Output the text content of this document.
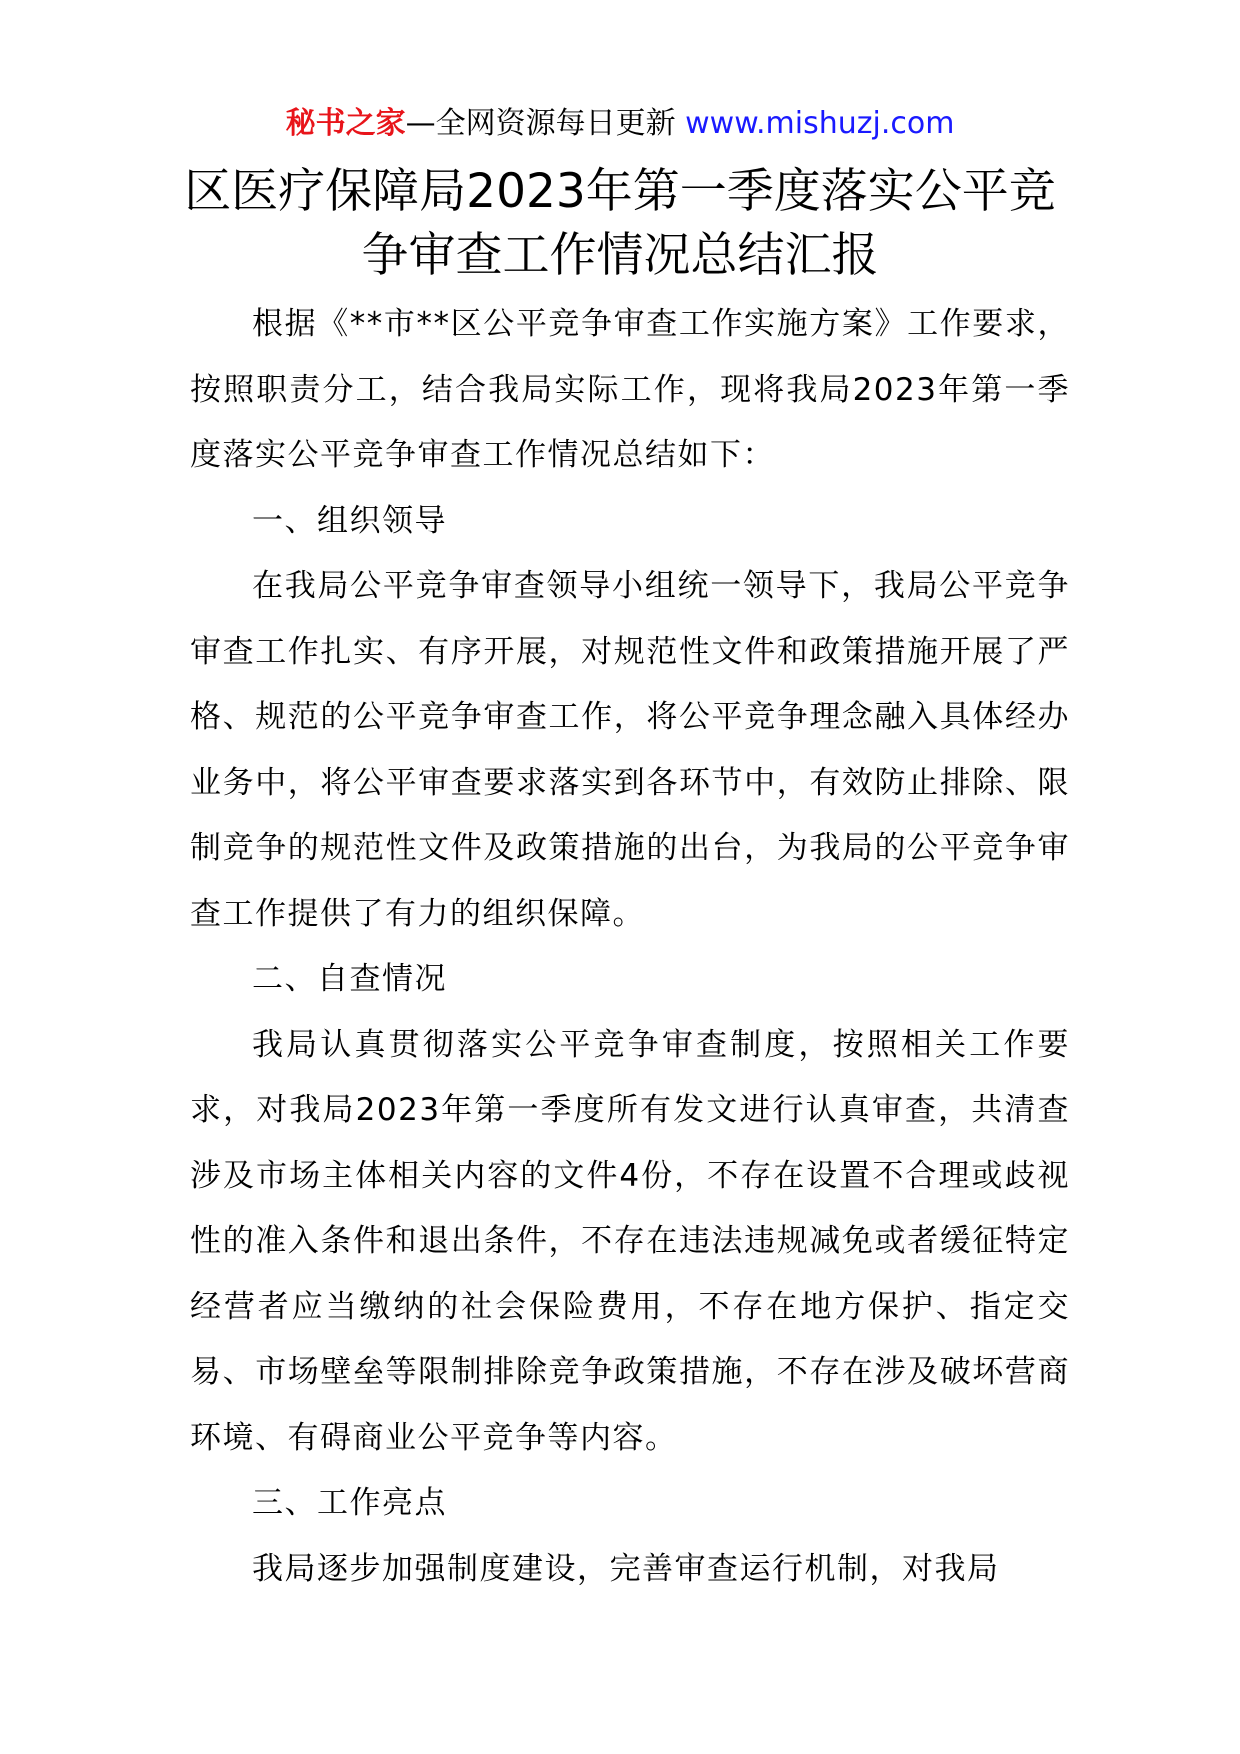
秘书之家—全网资源每日更新 www.mishuzj.com
区医疗保障局2023年第一季度落实公平竞争审查工作情况总结汇报

根据《**市**区公平竞争审查工作实施方案》工作要求，按照职责分工，结合我局实际工作，现将我局2023年第一季度落实公平竞争审查工作情况总结如下：

一、组织领导

在我局公平竞争审查领导小组统一领导下，我局公平竞争审查工作扎实、有序开展，对规范性文件和政策措施开展了严格、规范的公平竞争审查工作，将公平竞争理念融入具体经办业务中，将公平审查要求落实到各环节中，有效防止排除、限制竞争的规范性文件及政策措施的出台，为我局的公平竞争审查工作提供了有力的组织保障。

二、自查情况

我局认真贯彻落实公平竞争审查制度，按照相关工作要求，对我局2023年第一季度所有发文进行认真审查，共清查涉及市场主体相关内容的文件4份，不存在设置不合理或歧视性的准入条件和退出条件，不存在违法违规减免或者缓征特定经营者应当缴纳的社会保险费用，不存在地方保护、指定交易、市场壁垒等限制排除竞争政策措施，不存在涉及破坏营商环境、有碍商业公平竞争等内容。

三、工作亮点

我局逐步加强制度建设，完善审查运行机制，对我局
